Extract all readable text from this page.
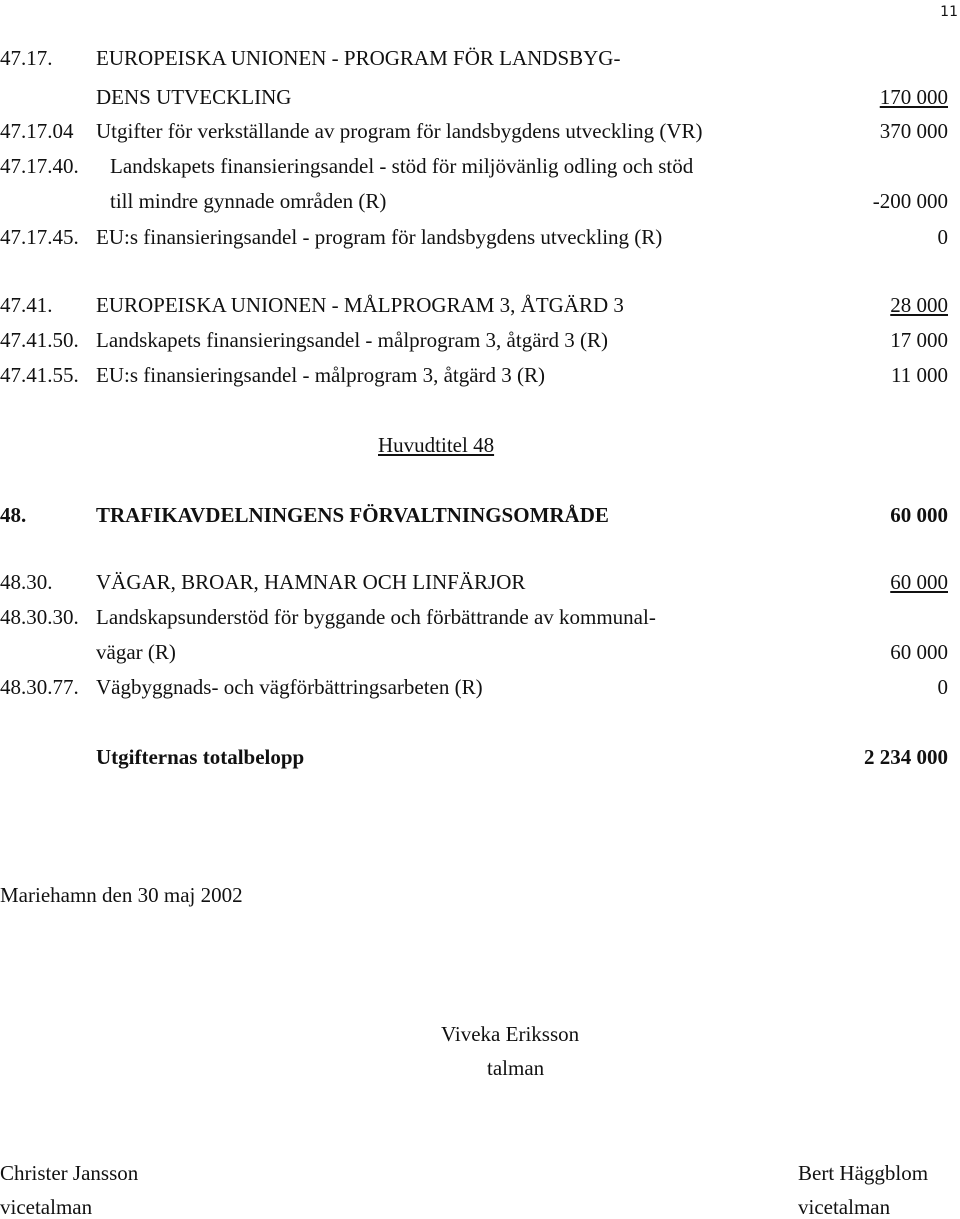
11
47.17. EUROPEISKA UNIONEN - PROGRAM FÖR LANDSBYG-
DENS UTVECKLING	170 000
47.17.04 Utgifter för verkställande av program för landsbygdens utveckling (VR)	370 000
47.17.40. Landskapets finansieringsandel - stöd för miljövänlig odling och stöd
till mindre gynnade områden (R)	-200 000
47.17.45. EU:s finansieringsandel - program för landsbygdens utveckling (R)	0
47.41. EUROPEISKA UNIONEN - MÅLPROGRAM 3, ÅTGÄRD 3	28 000
47.41.50. Landskapets finansieringsandel - målprogram 3, åtgärd 3 (R)	17 000
47.41.55. EU:s finansieringsandel - målprogram 3, åtgärd 3 (R)	11 000
Huvudtitel 48
48.	TRAFIKAVDELNINGENS FÖRVALTNINGSOMRÅDE	60 000
48.30. VÄGAR, BROAR, HAMNAR OCH LINFÄRJOR	60 000
48.30.30. Landskapsunderstöd för byggande och förbättrande av kommunal-
vägar (R)	60 000
48.30.77. Vägbyggnads- och vägförbättringsarbeten (R)	0
Utgifternas totalbelopp	2 234 000
Mariehamn den 30 maj 2002
Viveka Eriksson
talman
Christer Jansson
vicetalman
Bert Häggblom
vicetalman
